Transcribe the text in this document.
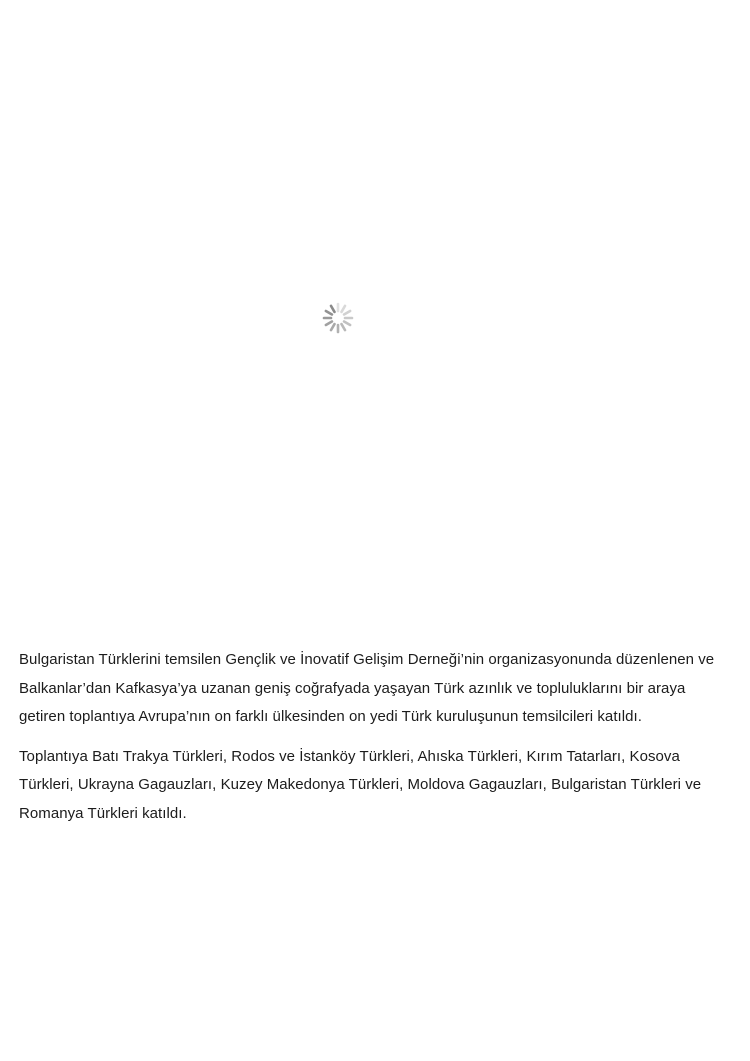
Bulgaristan Türklerini temsilen Gençlik ve İnovatif Gelişim Derneği’nin organizasyonunda düzenlenen ve Balkanlar’dan Kafkasya’ya uzanan geniş coğrafyada yaşayan Türk azınlık ve topluluklarını bir araya getiren toplantıya Avrupa’nın on farklı ülkesinden on yedi Türk kuruluşunun temsilcileri katıldı.

Toplantıya Batı Trakya Türkleri, Rodos ve İstanköy Türkleri, Ahıska Türkleri, Kırım Tatarları, Kosova Türkleri, Ukrayna Gagauzları, Kuzey Makedonya Türkleri, Moldova Gagauzları, Bulgaristan Türkleri ve Romanya Türkleri katıldı.
